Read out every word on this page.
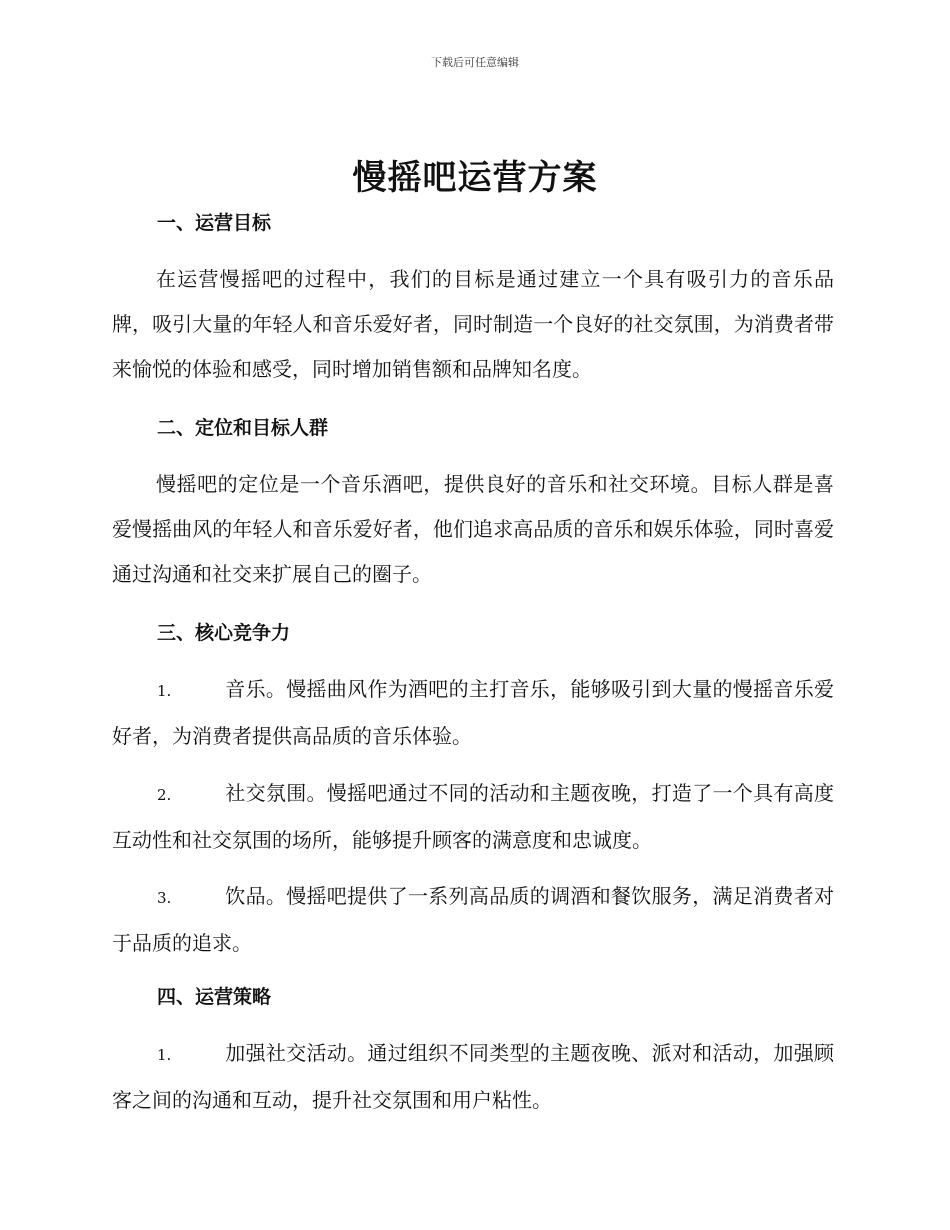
下载后可任意编辑
慢摇吧运营方案
一、运营目标

在运营慢摇吧的过程中，我们的目标是通过建立一个具有吸引力的音乐品牌，吸引大量的年轻人和音乐爱好者，同时制造一个良好的社交氛围，为消费者带来愉悦的体验和感受，同时增加销售额和品牌知名度。

二、定位和目标人群

慢摇吧的定位是一个音乐酒吧，提供良好的音乐和社交环境。目标人群是喜爱慢摇曲风的年轻人和音乐爱好者，他们追求高品质的音乐和娱乐体验，同时喜爱通过沟通和社交来扩展自己的圈子。

三、核心竞争力

1.	音乐。慢摇曲风作为酒吧的主打音乐，能够吸引到大量的慢摇音乐爱好者，为消费者提供高品质的音乐体验。

2.	社交氛围。慢摇吧通过不同的活动和主题夜晚，打造了一个具有高度互动性和社交氛围的场所，能够提升顾客的满意度和忠诚度。

3.	饮品。慢摇吧提供了一系列高品质的调酒和餐饮服务，满足消费者对于品质的追求。

四、运营策略

1.	加强社交活动。通过组织不同类型的主题夜晚、派对和活动，加强顾客之间的沟通和互动，提升社交氛围和用户粘性。
